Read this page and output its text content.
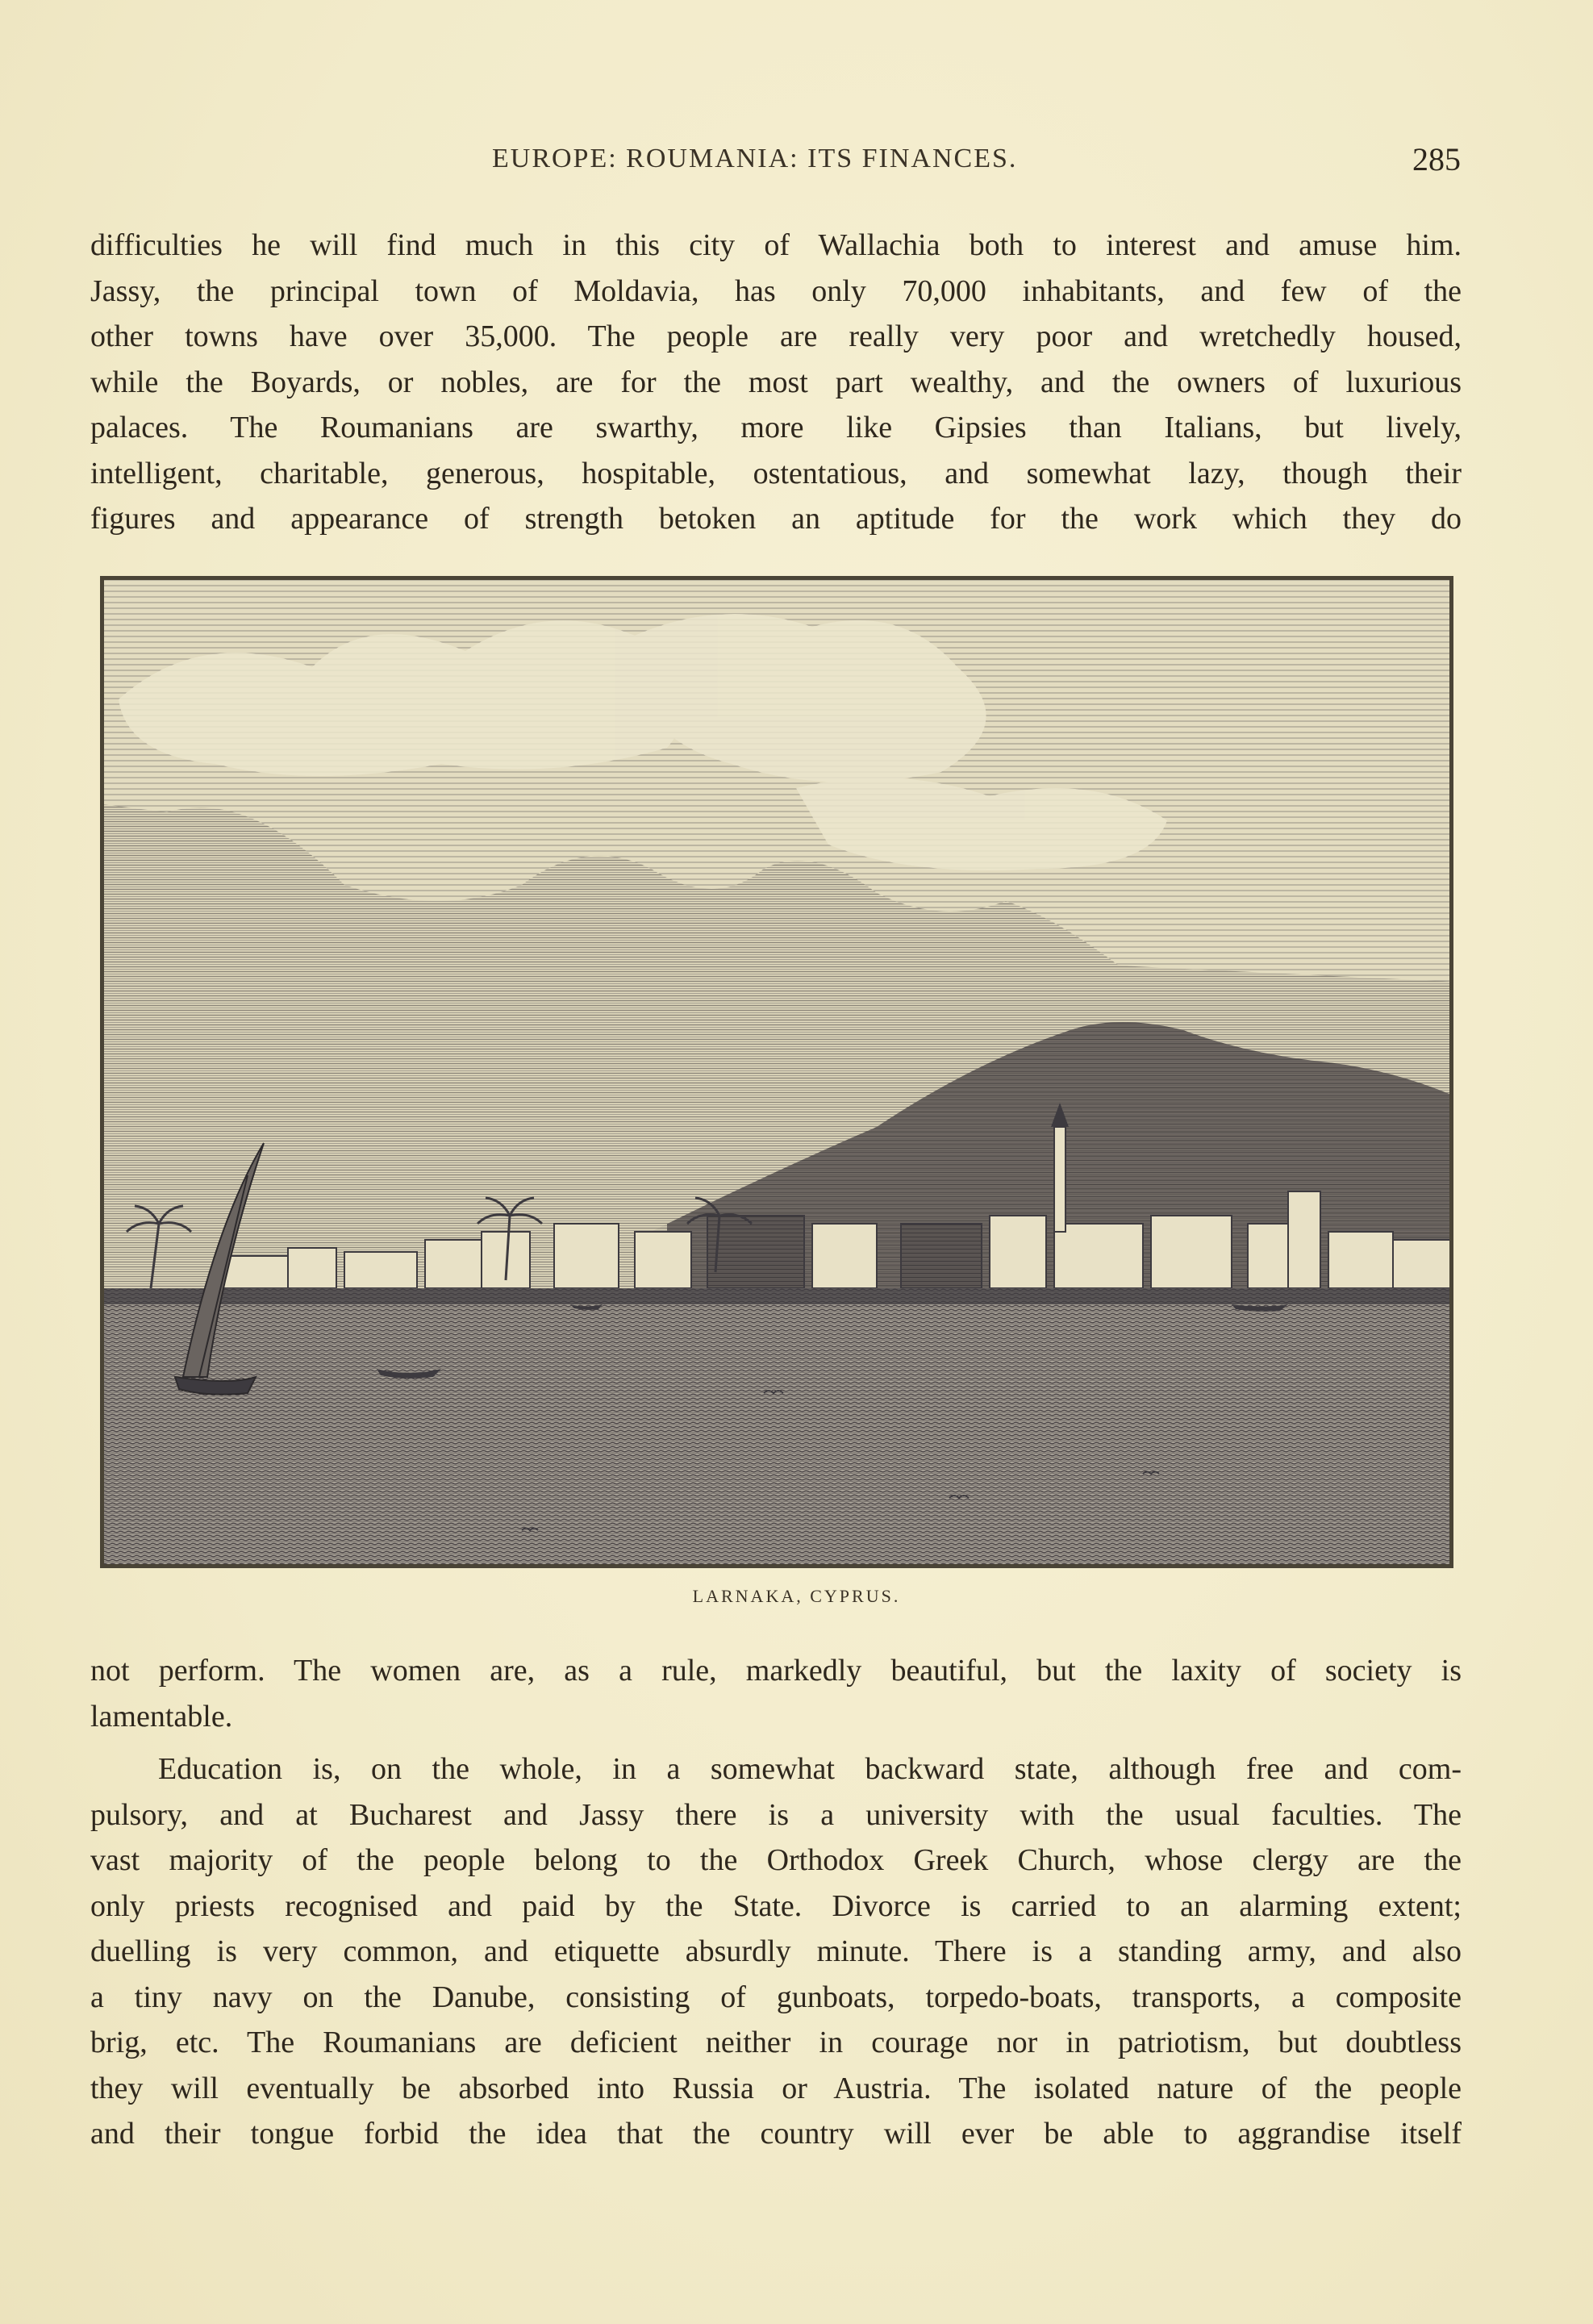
EUROPE: ROUMANIA: ITS FINANCES.	285
difficulties he will find much in this city of Wallachia both to interest and amuse him.
Jassy, the principal town of Moldavia, has only 70,000 inhabitants, and few of the
other towns have over 35,000. The people are really very poor and wretchedly housed,
while the Boyards, or nobles, are for the most part wealthy, and the owners of luxurious
palaces. The Roumanians are swarthy, more like Gipsies than Italians, but lively,
intelligent, charitable, generous, hospitable, ostentatious, and somewhat lazy, though their
figures and appearance of strength betoken an aptitude for the work which they do
LARNAKA, CYPRUS.
not perform. The women are, as a rule, markedly beautiful, but the laxity of society is
lamentable.
Education is, on the whole, in a somewhat backward state, although free and com-
pulsory, and at Bucharest and Jassy there is a university with the usual faculties. The
vast majority of the people belong to the Orthodox Greek Church, whose clergy are the
only priests recognised and paid by the State. Divorce is carried to an alarming extent;
duelling is very common, and etiquette absurdly minute. There is a standing army, and also
a tiny navy on the Danube, consisting of gunboats, torpedo-boats, transports, a composite
brig, etc. The Roumanians are deficient neither in courage nor in patriotism, but doubtless
they will eventually be absorbed into Russia or Austria. The isolated nature of the people
and their tongue forbid the idea that the country will ever be able to aggrandise itself
